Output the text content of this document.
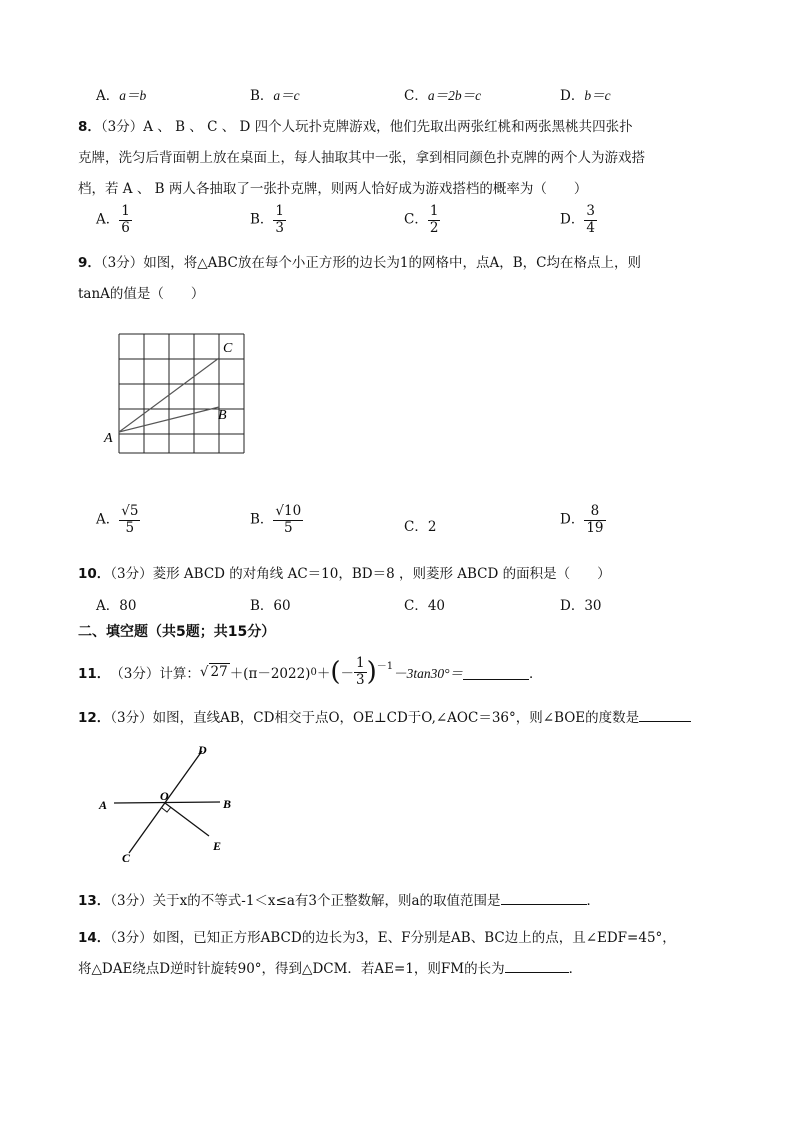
A．a＝b	B．a＝c	C．a＝2b＝c	D．b＝c
8．（3分）A 、 B 、 C 、 D 四个人玩扑克牌游戏，他们先取出两张红桃和两张黑桃共四张扑
克牌，洗匀后背面朝上放在桌面上，每人抽取其中一张，拿到相同颜色扑克牌的两个人为游戏搭
档，若 A 、 B 两人各抽取了一张扑克牌，则两人恰好成为游戏搭档的概率为（　　）
A． $\frac{1}{6}$	B． $\frac{1}{3}$	C． $\frac{1}{2}$	D． $\frac{3}{4}$
9．（3分）如图，将△ABC放在每个小正方形的边长为1的网格中，点A，B，C均在格点上，则
tanA的值是（　　）
C
B
A
A． $\frac{√5}{5}$	B． $\frac{√10}{5}$	C．2	D． $\frac{8}{19}$
10．（3分）菱形 ABCD 的对角线 AC＝10，BD＝8 ，则菱形 ABCD 的面积是（　　）
A．80	B．60	C．40	D．30
二、填空题（共5题；共15分）
11． （3分） 计算： √ 27 ＋(π－2022) 0 ＋ ( － $\frac{1}{3} )^{-1} -3\tan 30^\circ=$	．
12．（3分）如图，直线AB，CD相交于点O，OE⊥CD于O,∠AOC＝36°，则∠BOE的度数是
D
A
O
B
E
C
13．（3分）关于x的不等式-1＜x≤a有3个正整数解，则a的取值范围是	．
14．（3分）如图，已知正方形ABCD的边长为3，E、F分别是AB、BC边上的点，且∠EDF=45°，
将△DAE绕点D逆时针旋转90°，得到△DCM．若AE=1，则FM的长为	．
